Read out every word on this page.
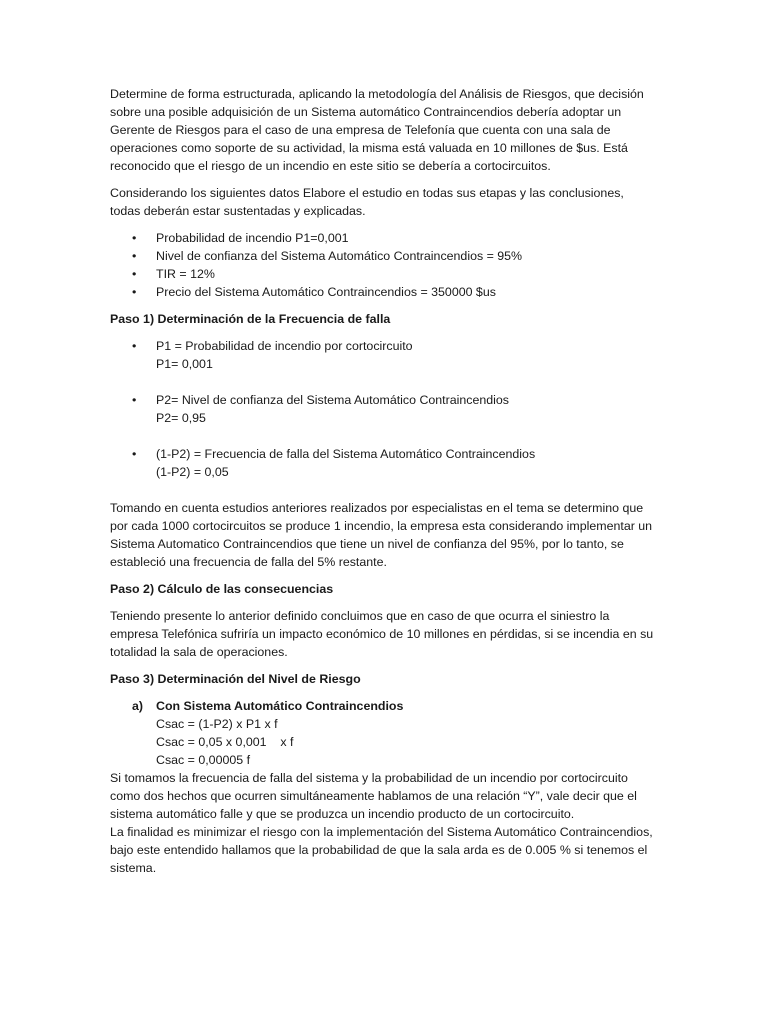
Determine de forma estructurada, aplicando la metodología del Análisis de Riesgos, que decisión sobre una posible adquisición de un Sistema automático Contraincendios debería adoptar un Gerente de Riesgos para el caso de una empresa de Telefonía que cuenta con una sala de operaciones como soporte de su actividad, la misma está valuada en 10 millones de $us. Está reconocido que el riesgo de un incendio en este sitio se debería a cortocircuitos.

Considerando los siguientes datos Elabore el estudio en todas sus etapas y las conclusiones, todas deberán estar sustentadas y explicadas.

• Probabilidad de incendio P1=0,001
• Nivel de confianza del Sistema Automático Contraincendios = 95%
• TIR = 12%
• Precio del Sistema Automático Contraincendios = 350000 $us
Paso 1) Determinación de la Frecuencia de falla
• P1 = Probabilidad de incendio por cortocircuito
P1= 0,001
• P2= Nivel de confianza del Sistema Automático Contraincendios
P2= 0,95
• (1-P2) = Frecuencia de falla del Sistema Automático Contraincendios
(1-P2) = 0,05

Tomando en cuenta estudios anteriores realizados por especialistas en el tema se determino que por cada 1000 cortocircuitos se produce 1 incendio, la empresa esta considerando implementar un Sistema Automatico Contraincendios que tiene un nivel de confianza del 95%, por lo tanto, se estableció una frecuencia de falla del 5% restante.

Paso 2) Cálculo de las consecuencias

Teniendo presente lo anterior definido concluimos que en caso de que ocurra el siniestro la empresa Telefónica sufriría un impacto económico de 10 millones en pérdidas, si se incendia en su totalidad la sala de operaciones.

Paso 3) Determinación del Nivel de Riesgo
a) Con Sistema Automático Contraincendios
Csac = (1-P2) x P1 x f
Csac = 0,05 x 0,001    x f
Csac = 0,00005 f

Si tomamos la frecuencia de falla del sistema y la probabilidad de un incendio por cortocircuito como dos hechos que ocurren simultáneamente hablamos de una relación “Y”, vale decir que el sistema automático falle y que se produzca un incendio producto de un cortocircuito.

La finalidad es minimizar el riesgo con la implementación del Sistema Automático Contraincendios, bajo este entendido hallamos que la probabilidad de que la sala arda es de 0.005 % si tenemos el sistema.
